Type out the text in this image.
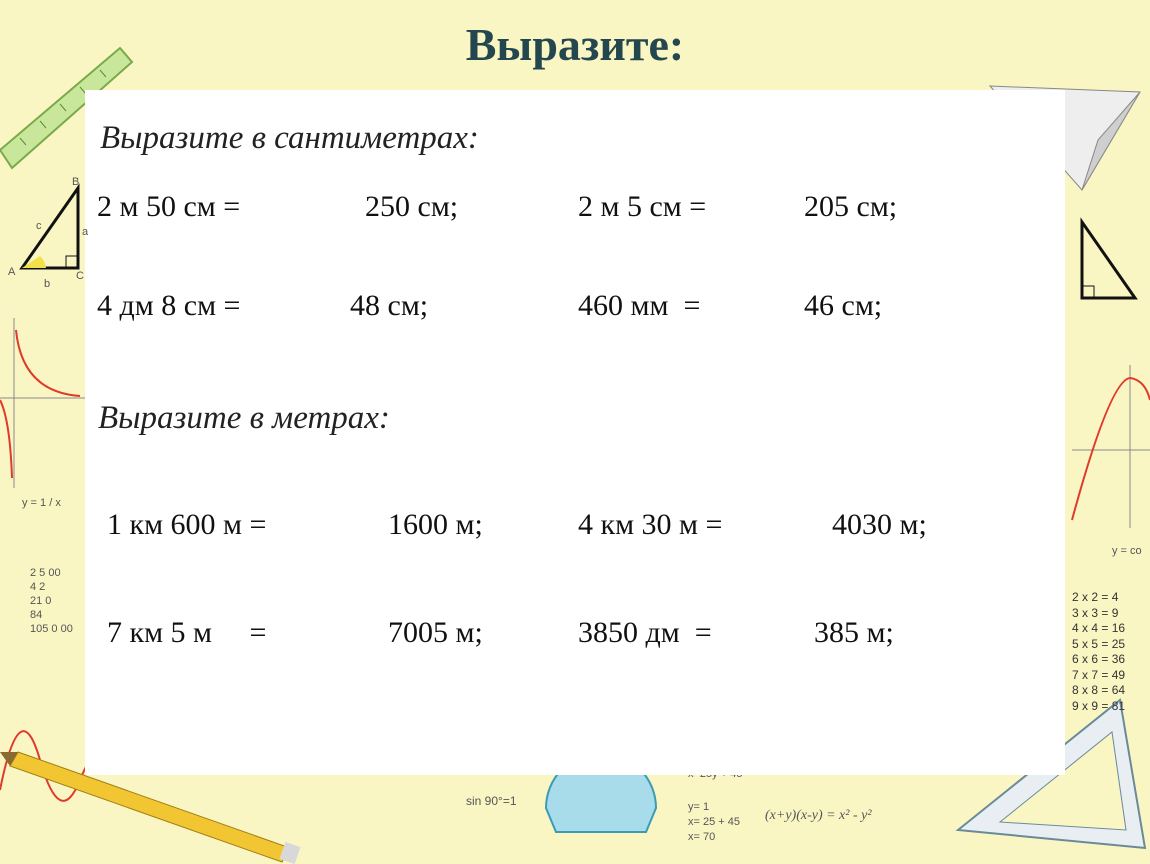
y = 1 / x
y = co
2 5 00
4 2
21 0
84
105 0 00
2 x 2 = 4
3 x 3 = 9
4 x 4 = 16
5 x 5 = 25
6 x 6 = 36
7 x 7 = 49
8 x 8 = 64
9 x 9 = 81
sin 90°=1	y= 1
x= 25 + 45
x= 70
(x+y)(x-y) = x² - y²
Выразите:
Выразите в сантиметрах:
2 м 50 см =	250 см;	2 м 5 см =	205 см;
4 дм 8 см =	48 см;	460 мм  =	46 см;
Выразите в метрах:
1 км 600 м =	1600 м;	4 км 30 м =	4030 м;
7 км 5 м     =	7005 м;	3850 дм  =	385 м;
A
B
C
a
b
c
